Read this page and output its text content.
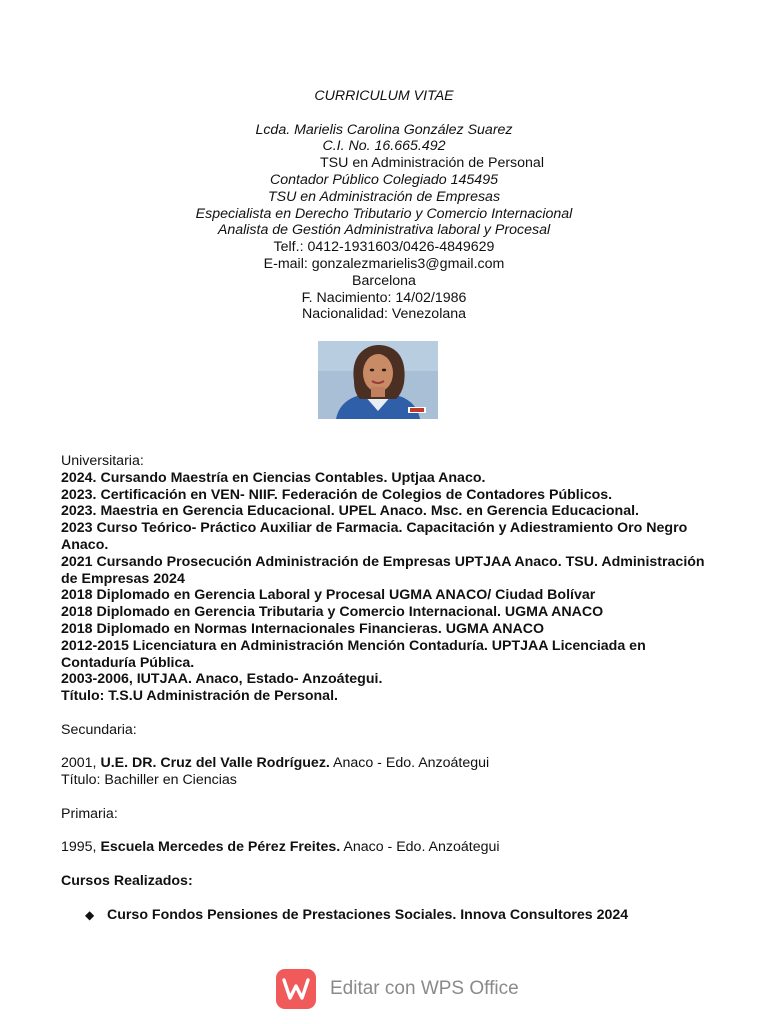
CURRICULUM VITAE
Lcda. Marielis Carolina González Suarez
C.I. No. 16.665.492
TSU en Administración de Personal
Contador Público Colegiado 145495
TSU en Administración de Empresas
Especialista en Derecho Tributario y Comercio Internacional
Analista de Gestión Administrativa laboral y Procesal
Telf.: 0412-1931603/0426-4849629
E-mail: gonzalezmarielis3@gmail.com
Barcelona
F. Nacimiento: 14/02/1986
Nacionalidad: Venezolana
Universitaria:
2024. Cursando Maestría en Ciencias Contables. Uptjaa Anaco.
2023. Certificación en VEN- NIIF. Federación de Colegios de Contadores Públicos.
2023. Maestria en Gerencia Educacional. UPEL Anaco. Msc. en Gerencia Educacional.
2023 Curso Teórico- Práctico Auxiliar de Farmacia. Capacitación y Adiestramiento Oro Negro Anaco.
2021 Cursando Prosecución Administración de Empresas UPTJAA Anaco. TSU. Administración de Empresas 2024
2018 Diplomado en Gerencia Laboral y Procesal UGMA ANACO/ Ciudad Bolívar
2018 Diplomado en Gerencia Tributaria y Comercio Internacional. UGMA ANACO
2018 Diplomado en Normas Internacionales Financieras. UGMA ANACO
2012-2015 Licenciatura en Administración Mención Contaduría. UPTJAA Licenciada en Contaduría Pública.
2003-2006, IUTJAA. Anaco, Estado- Anzoátegui.
Título: T.S.U Administración de Personal.
Secundaria:
2001, U.E. DR. Cruz del Valle Rodríguez. Anaco - Edo. Anzoátegui
Título: Bachiller en Ciencias
Primaria:
1995, Escuela Mercedes de Pérez Freites. Anaco - Edo. Anzoátegui
Cursos Realizados:
◆ Curso Fondos Pensiones de Prestaciones Sociales. Innova Consultores 2024
Editar con WPS Office
